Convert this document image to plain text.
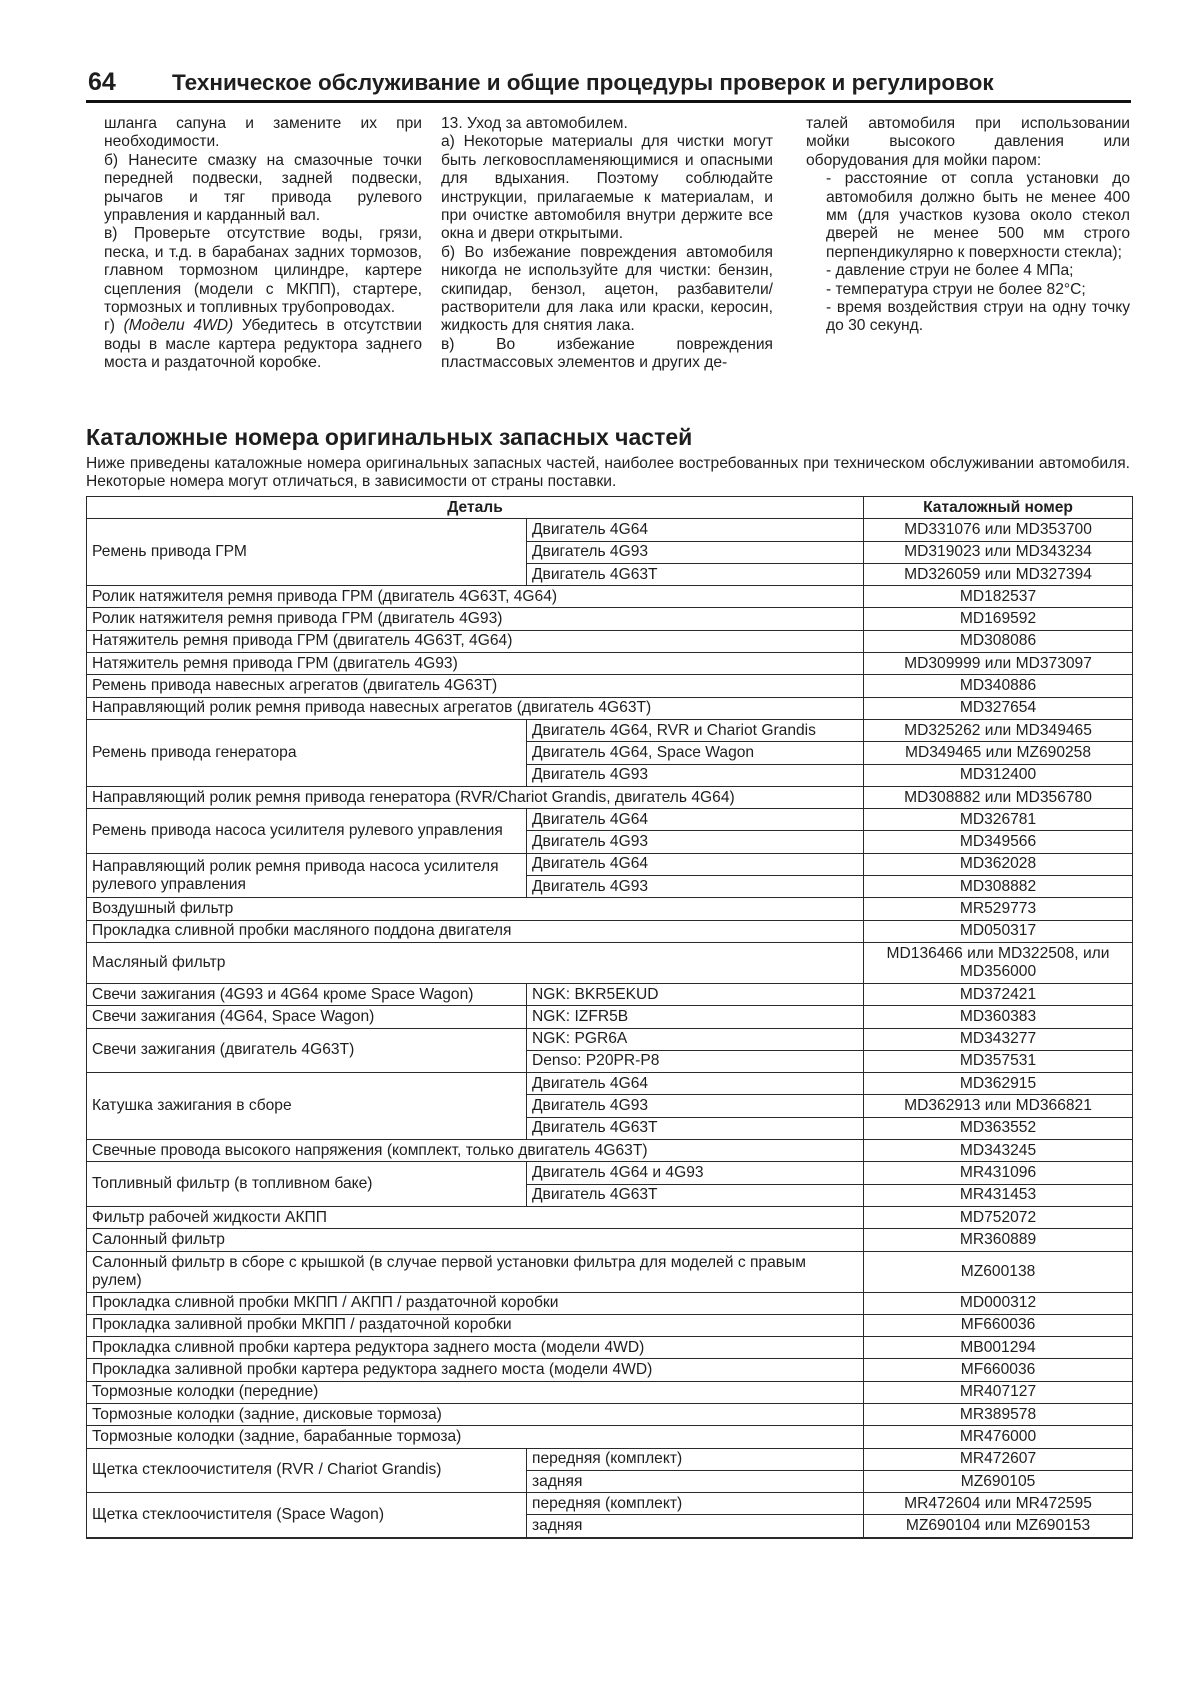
64 Техническое обслуживание и общие процедуры проверок и регулировок

шланга сапуна и замените их при необходимости.

б) Нанесите смазку на смазочные точки передней подвески, задней подвески, рычагов и тяг привода рулевого управления и карданный вал.

в) Проверьте отсутствие воды, грязи, песка, и т.д. в барабанах задних тормозов, главном тормозном цилиндре, картере сцепления (модели с МКПП), стартере, тормозных и топливных трубопроводах.

г) (Модели 4WD) Убедитесь в отсутствии воды в масле картера редуктора заднего моста и раздаточной коробке.

13. Уход за автомобилем.

а) Некоторые материалы для чистки могут быть легковоспламеняющимися и опасными для вдыхания. Поэтому соблюдайте инструкции, прилагаемые к материалам, и при очистке автомобиля внутри держите все окна и двери открытыми.

б) Во избежание повреждения автомобиля никогда не используйте для чистки: бензин, скипидар, бензол, ацетон, разбавители/растворители для лака или краски, керосин, жидкость для снятия лака.

в) Во избежание повреждения пластмассовых элементов и других де-

талей автомобиля при использовании мойки высокого давления или оборудования для мойки паром:

- расстояние от сопла установки до автомобиля должно быть не менее 400 мм (для участков кузова около стекол дверей не менее 500 мм строго перпендикулярно к поверхности стекла);

- давление струи не более 4 МПа;

- температура струи не более 82°С;

- время воздействия струи на одну точку до 30 секунд.

Каталожные номера оригинальных запасных частей
Ниже приведены каталожные номера оригинальных запасных частей, наиболее востребованных при техническом обслуживании автомобиля. Некоторые номера могут отличаться, в зависимости от страны поставки.
Деталь		Каталожный номер
Ремень привода ГРМ	Двигатель 4G64	MD331076 или MD353700
	Двигатель 4G93	MD319023 или MD343234
	Двигатель 4G63T	MD326059 или MD327394
Ролик натяжителя ремня привода ГРМ (двигатель 4G63T, 4G64)		MD182537
Ролик натяжителя ремня привода ГРМ (двигатель 4G93)		MD169592
Натяжитель ремня привода ГРМ (двигатель 4G63T, 4G64)		MD308086
Натяжитель ремня привода ГРМ (двигатель 4G93)		MD309999 или MD373097
Ремень привода навесных агрегатов (двигатель 4G63T)		MD340886
Направляющий ролик ремня привода навесных агрегатов (двигатель 4G63T)		MD327654
Ремень привода генератора	Двигатель 4G64, RVR и Chariot Grandis	MD325262 или MD349465
	Двигатель 4G64, Space Wagon	MD349465 или MZ690258
	Двигатель 4G93	MD312400
Направляющий ролик ремня привода генератора (RVR/Chariot Grandis, двигатель 4G64)		MD308882 или MD356780
Ремень привода насоса усилителя рулевого управления	Двигатель 4G64	MD326781
	Двигатель 4G93	MD349566
Направляющий ролик ремня привода насоса усилителя рулевого управления	Двигатель 4G64	MD362028
	Двигатель 4G93	MD308882
Воздушный фильтр		MR529773
Прокладка сливной пробки масляного поддона двигателя		MD050317
Масляный фильтр		MD136466 или MD322508, или MD356000
Свечи зажигания (4G93 и 4G64 кроме Space Wagon)	NGK: BKR5EKUD	MD372421
Свечи зажигания (4G64, Space Wagon)	NGK: IZFR5B	MD360383
Свечи зажигания (двигатель 4G63T)	NGK: PGR6A	MD343277
	Denso: P20PR-P8	MD357531
Катушка зажигания в сборе	Двигатель 4G64	MD362915
	Двигатель 4G93	MD362913 или MD366821
	Двигатель 4G63T	MD363552
Свечные провода высокого напряжения (комплект, только двигатель 4G63T)		MD343245
Топливный фильтр (в топливном баке)	Двигатель 4G64 и 4G93	MR431096
	Двигатель 4G63T	MR431453
Фильтр рабочей жидкости АКПП		MD752072
Салонный фильтр		MR360889
Салонный фильтр в сборе с крышкой (в случае первой установки фильтра для моделей с правым рулем)		MZ600138
Прокладка сливной пробки МКПП / АКПП / раздаточной коробки		MD000312
Прокладка заливной пробки МКПП / раздаточной коробки		MF660036
Прокладка сливной пробки картера редуктора заднего моста (модели 4WD)		MB001294
Прокладка заливной пробки картера редуктора заднего моста (модели 4WD)		MF660036
Тормозные колодки (передние)		MR407127
Тормозные колодки (задние, дисковые тормоза)		MR389578
Тормозные колодки (задние, барабанные тормоза)		MR476000
Щетка стеклоочистителя (RVR / Chariot Grandis)	передняя (комплект)	MR472607
	задняя	MZ690105
Щетка стеклоочистителя (Space Wagon)	передняя (комплект)	MR472604 или MR472595
	задняя	MZ690104 или MZ690153
